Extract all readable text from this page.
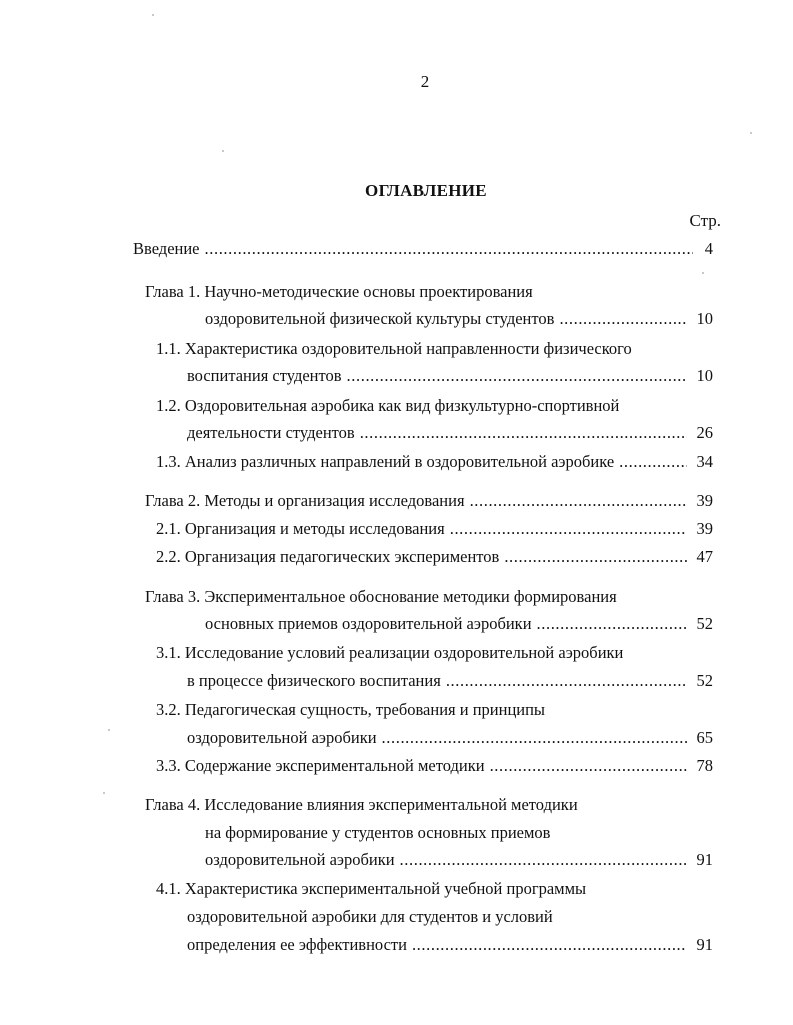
2
ОГЛАВЛЕНИЕ
Стр.
Введение .....	4
Глава 1. Научно-методические основы проектирования
оздоровительной физической культуры студентов .....	10
1.1. Характеристика оздоровительной направленности физического
воспитания студентов .....	10
1.2. Оздоровительная аэробика как вид физкультурно-спортивной
деятельности студентов .....	26
1.3. Анализ различных направлений в оздоровительной аэробике .....	34
Глава 2. Методы и организация исследования .....	39
2.1. Организация и методы исследования .....	39
2.2. Организация педагогических экспериментов .....	47
Глава 3. Экспериментальное обоснование методики формирования
основных приемов оздоровительной аэробики .....	52
3.1. Исследование условий реализации оздоровительной аэробики
в процессе физического воспитания .....	52
3.2. Педагогическая сущность, требования и принципы
оздоровительной аэробики .....	65
3.3. Содержание экспериментальной методики .....	78
Глава 4. Исследование влияния экспериментальной методики
на формирование у студентов основных приемов
оздоровительной аэробики .....	91
4.1. Характеристика экспериментальной учебной программы
оздоровительной аэробики для студентов и условий
определения ее эффективности .....	91
